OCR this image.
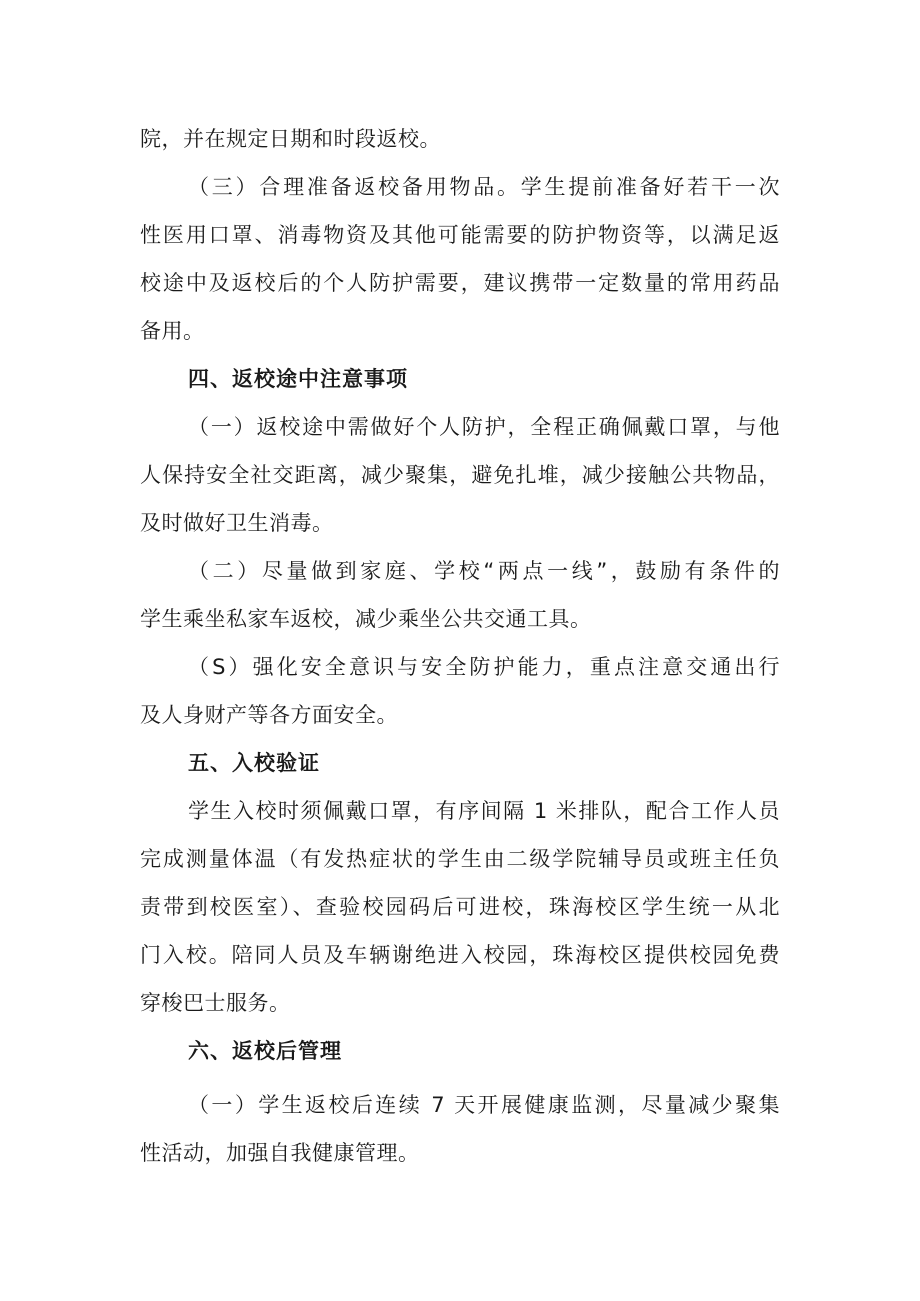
院，并在规定日期和时段返校。
（三）合理准备返校备用物品。学生提前准备好若干一次
性医用口罩、消毒物资及其他可能需要的防护物资等，以满足返
校途中及返校后的个人防护需要，建议携带一定数量的常用药品
备用。
四、返校途中注意事项
（一）返校途中需做好个人防护，全程正确佩戴口罩，与他
人保持安全社交距离，减少聚集，避免扎堆，减少接触公共物品，
及时做好卫生消毒。
（二）尽量做到家庭、学校“两点一线”，鼓励有条件的
学生乘坐私家车返校，减少乘坐公共交通工具。
（S）强化安全意识与安全防护能力，重点注意交通出行
及人身财产等各方面安全。
五、入校验证
学生入校时须佩戴口罩，有序间隔 1 米排队，配合工作人员
完成测量体温（有发热症状的学生由二级学院辅导员或班主任负
责带到校医室）、查验校园码后可进校，珠海校区学生统一从北
门入校。陪同人员及车辆谢绝进入校园，珠海校区提供校园免费
穿梭巴士服务。
六、返校后管理
（一）学生返校后连续 7 天开展健康监测，尽量减少聚集
性活动，加强自我健康管理。
